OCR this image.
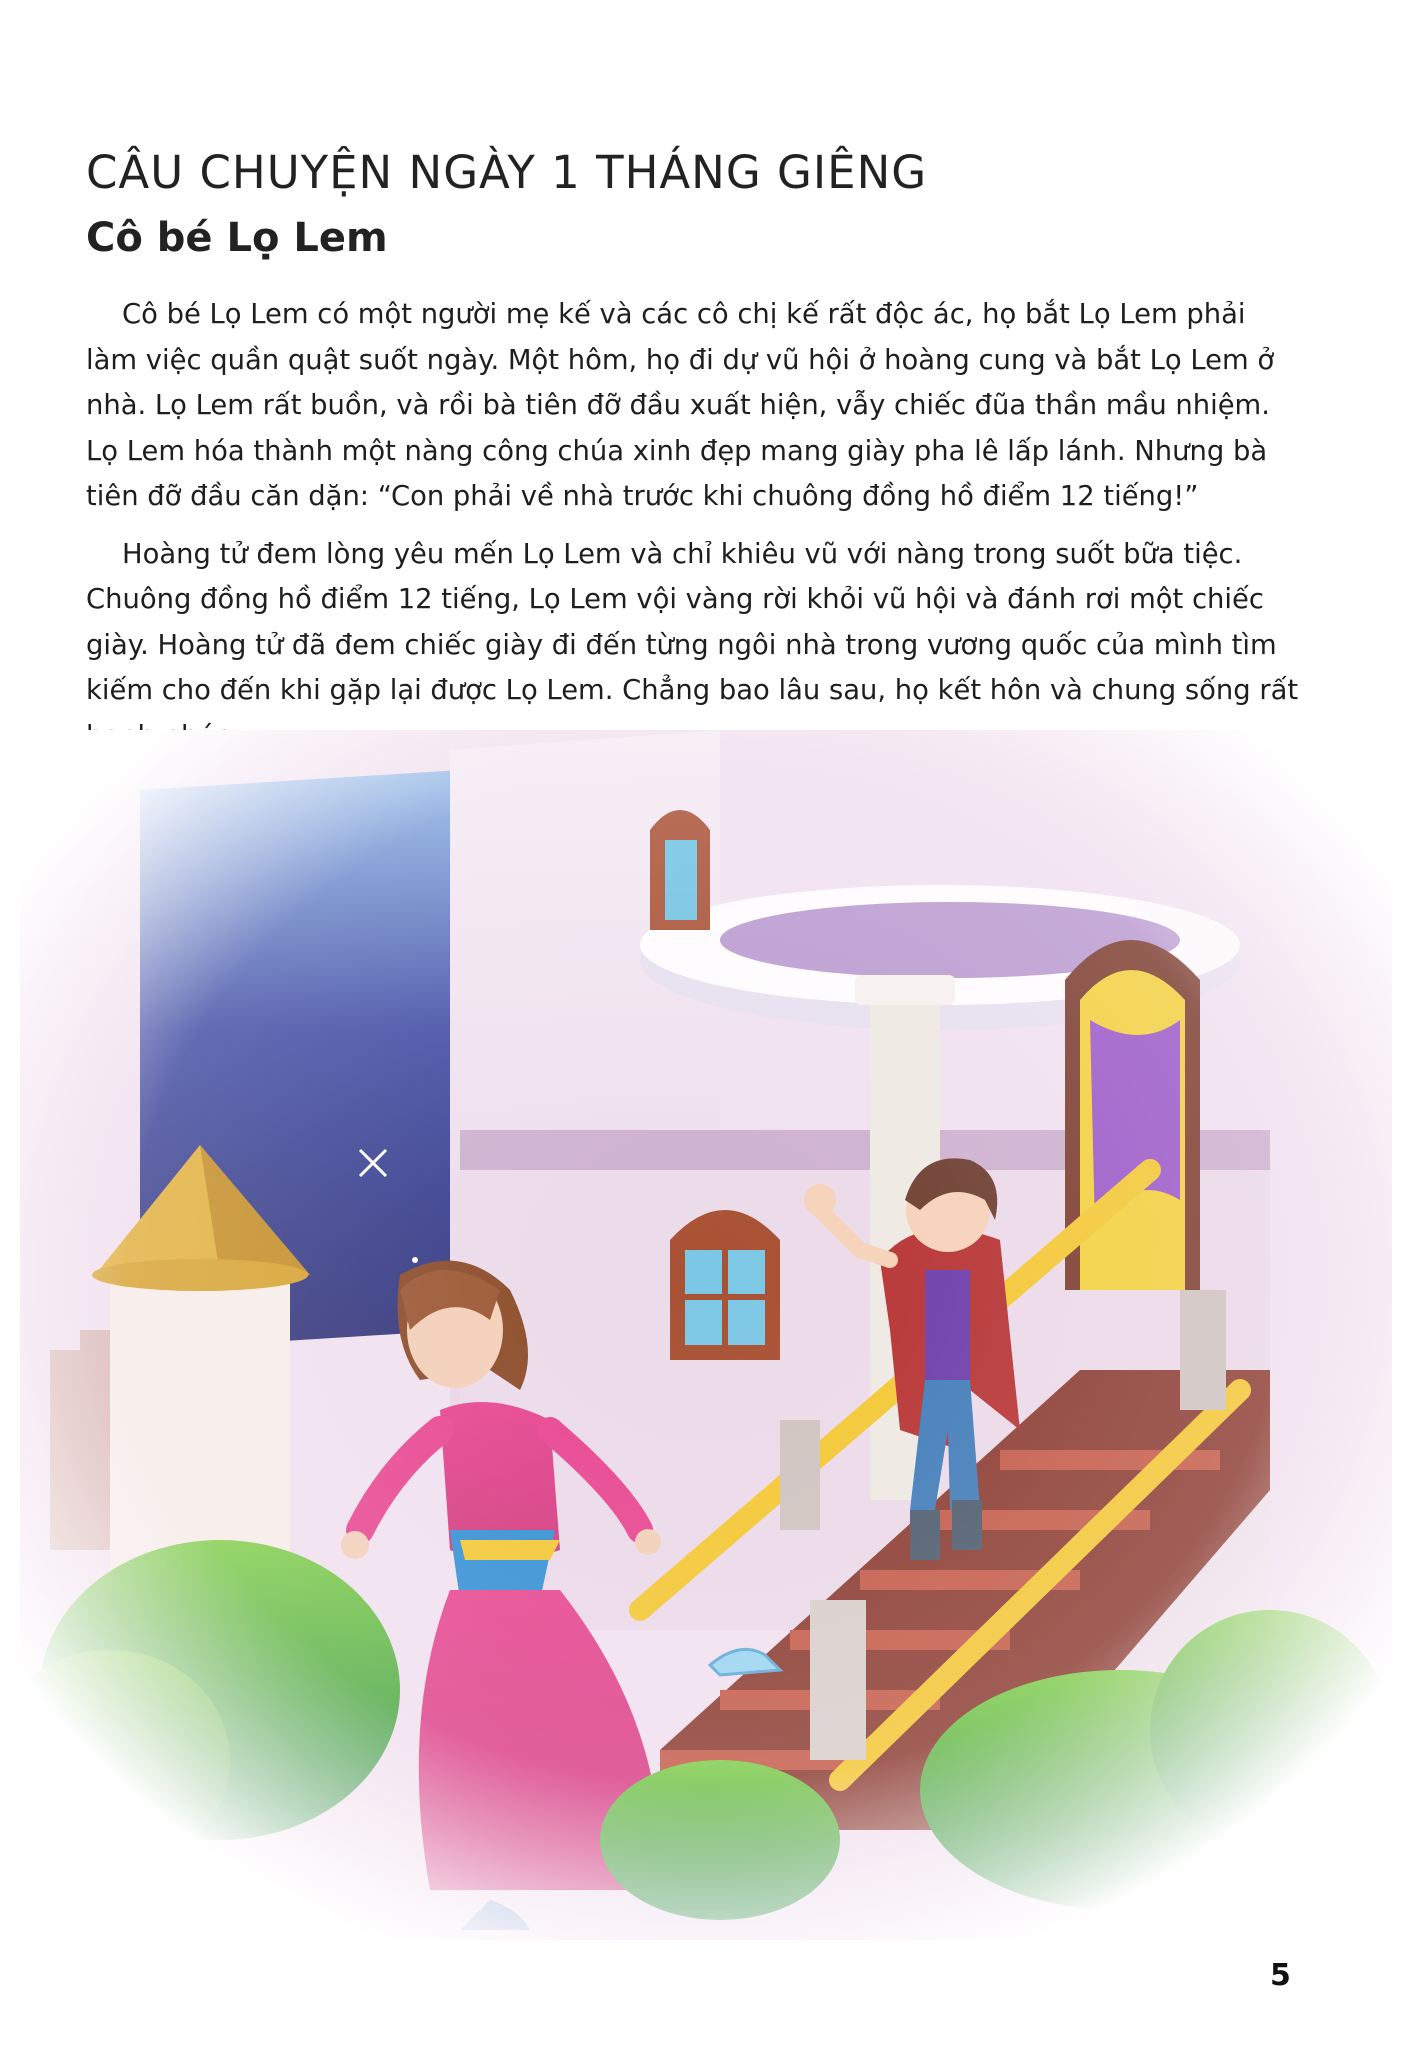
CÂU CHUYỆN NGÀY 1 THÁNG GIÊNG
Cô bé Lọ Lem

Cô bé Lọ Lem có một người mẹ kế và các cô chị kế rất độc ác, họ bắt Lọ Lem phải làm việc quần quật suốt ngày. Một hôm, họ đi dự vũ hội ở hoàng cung và bắt Lọ Lem ở nhà. Lọ Lem rất buồn, và rồi bà tiên đỡ đầu xuất hiện, vẫy chiếc đũa thần mầu nhiệm. Lọ Lem hóa thành một nàng công chúa xinh đẹp mang giày pha lê lấp lánh. Nhưng bà tiên đỡ đầu căn dặn: “Con phải về nhà trước khi chuông đồng hồ điểm 12 tiếng!”

Hoàng tử đem lòng yêu mến Lọ Lem và chỉ khiêu vũ với nàng trong suốt bữa tiệc. Chuông đồng hồ điểm 12 tiếng, Lọ Lem vội vàng rời khỏi vũ hội và đánh rơi một chiếc giày. Hoàng tử đã đem chiếc giày đi đến từng ngôi nhà trong vương quốc của mình tìm kiếm cho đến khi gặp lại được Lọ Lem. Chẳng bao lâu sau, họ kết hôn và chung sống rất

5
